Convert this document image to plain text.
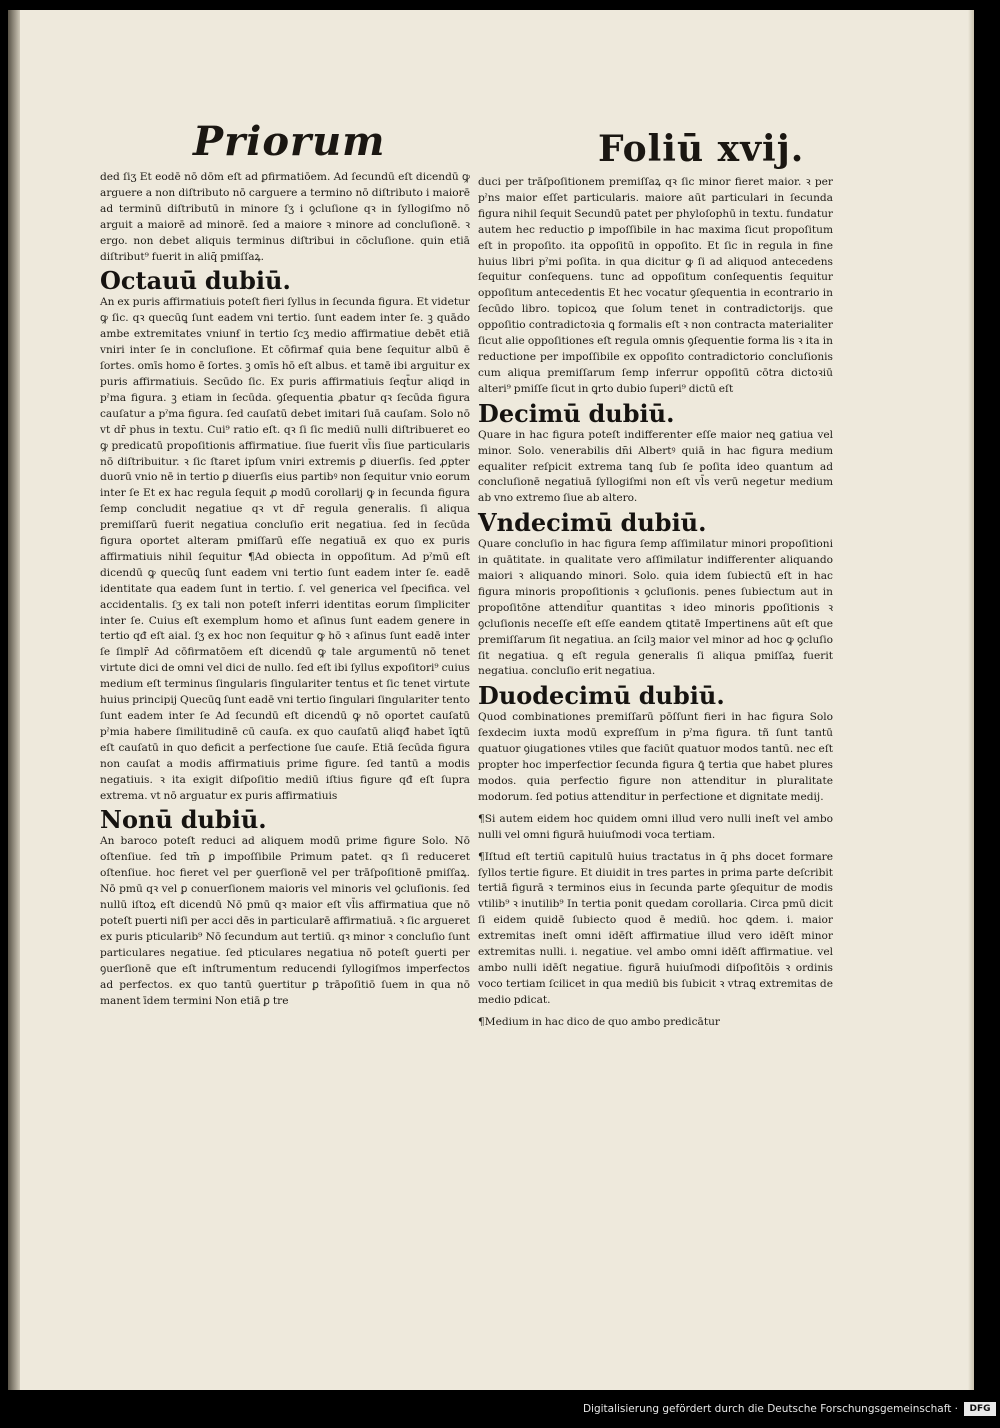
Priorum	Foliū xvij.

ded ſiʒ Et eodē nō dōm eſt ad ꝑfirmatiōem. Ad ſecundū eſt dicendū ꝙ arguere a non diſtributo nō carguere a termino nō diſtributo i maiorē ad terminū diſtributū in minore ſʒ i ꝯcluſione qꝛ in ſyllogiſmo nō arguit a maiorē ad minorē. ſed a maiore ꝛ minore ad concluſionē. ꝛ ergo. non debet aliquis terminus diſtribui in cōcluſione. quin etiā diſtribut⁹ fuerit in aliq̄ pmiſſaꝝ.

Octauū dubiū.

An ex puris affirmatiuis poteſt fieri ſyllus in ſecunda figura. Et videtur ꝙ ſic. qꝛ quecūꝗ ſunt eadem vni tertio. ſunt eadem inter ſe. ꝫ quādo ambe extremitates vniunẜ in tertio ſcʒ medio affirmatiue debēt etiā vniri inter ſe in concluſione. Et cōfirmaẜ quia bene ſequitur albū ē ſortes. omīs homo ē ſortes. ꝫ omīs hō eſt albus. et tamē ibi arguitur ex puris affirmatiuis. Secūdo ſic. Ex puris affirmatiuis ſeqt̄ur aliqd in pˀma figura. ꝫ etiam in ſecūda. ꝯſequentia ꝓbatur qꝛ ſecūda figura cauſatur a pˀma figura. ſed cauſatū debet imitari ſuā cauſam. Solo nō vt dr̄ phus in textu. Cui⁹ ratio eſt. qꝛ ſi ſic mediū nulli diſtribueret eo ꝙ predicatū propoſitionis affirmatiue. ſiue fuerit vl̄is ſiue particularis nō diſtribuitur. ꝛ ſic ſtaret ipſum vniri extremis ꝑ diuerſis. ſed ꝓpter duorū vnio nē in tertio ꝑ diuerſis eius partibꝰ non ſequitur vnio eorum inter ſe Et ex hac regula ſequit ꝓ modū corollarij ꝙ in ſecunda figura ſemp concludit negatiue qꝛ vt dr̄ regula generalis. ſi aliqua premiſſarū fuerit negatiua concluſio erit negatiua. ſed in ſecūda figura oportet alteram pmiſſarū eſſe negatiuā ex quo ex puris affirmatiuis nihil ſequitur ¶Ad obiecta in oppoſitum. Ad pˀmū eſt dicendū ꝙ quecūꝗ ſunt eadem vni tertio ſunt eadem inter ſe. eadē identitate qua eadem ſunt in tertio. ſ. vel generica vel ſpecifica. vel accidentalis. ſʒ ex tali non poteſt inferri identitas eorum ſimpliciter inter ſe. Cuius eſt exemplum homo et aſinus ſunt eadem genere in tertio qđ eſt aial. ſʒ ex hoc non ſequitur ꝙ hō ꝛ aſinus ſunt eadē inter ſe ſimplr̄ Ad cōfirmatōem eſt dicendū ꝙ tale argumentū nō tenet virtute dici de omni vel dici de nullo. ſed eſt ibi ſyllus expoſitori⁹ cuius medium eſt terminus ſingularis ſingulariter tentus et ſic tenet virtute huius principij Quecūꝗ ſunt eadē vni tertio ſingulari ſingulariter tento ſunt eadem inter ſe Ad ſecundū eſt dicendū ꝙ nō oportet cauſatū pˀmia habere ſimilitudinē cū cauſa. ex quo cauſatū aliqđ habet īꝗtū eſt cauſatū in quo deficit a perfectione ſue cauſe. Etiā ſecūda figura non cauſat a modis affirmatiuis prime figure. ſed tantū a modis negatiuis. ꝛ ita exigit diſpoſitio mediū iſtius figure qđ eſt ſupra extrema. vt nō arguatur ex puris affirmatiuis

Nonū dubiū.

An baroco poteſt reduci ad aliquem modū prime figure Solo. Nō oſtenſiue. ſed tm̄ ꝑ impoſſibile Primum patet. qꝛ ſi reduceret oſtenſiue. hoc fieret vel per ꝯuerſionē vel per trāſpoſitionē pmiſſaꝝ. Nō pmū qꝛ vel ꝑ conuerſionem maioris vel minoris vel ꝯcluſionis. ſed nullū iſtoꝝ eſt dicendū Nō pmū qꝛ maior eſt vl̄is affirmatiua que nō poteſt puerti niſi per acci dēs in particularē affirmatiuā. ꝛ ſic argueret ex puris pticularib⁹ Nō ſecundum aut tertiū. qꝛ minor ꝛ concluſio ſunt particulares negatiue. ſed pticulares negatiua nō poteſt ꝯuerti per ꝯuerſionē que eſt inſtrumentum reducendi ſyllogiſmos imperfectos ad perfectos. ex quo tantū ꝯuertitur ꝑ trāpoſitiō ſuem in qua nō manent īdem termini Non etiā ꝑ tre

duci per trāſpoſitionem premiſſaꝝ qꝛ ſic minor fieret maior. ꝛ per pˀns maior eſſet particularis. maiore aūt particulari in ſecunda figura nihil ſequit Secundū patet per phyloſophū in textu. fundatur autem hec reductio ꝑ impoſſibile in hac maxima ſicut propoſitum eſt in propoſito. ita oppoſitū in oppoſito. Et ſic in regula in fine huius libri pˀmi poſita. in qua dicitur ꝙ ſi ad aliquod antecedens ſequitur conſequens. tunc ad oppoſitum conſequentis ſequitur oppoſitum antecedentis Et hec vocatur ꝯſequentia in econtrario in ſecūdo libro. topicoꝝ que ſolum tenet in contradictorijs. que oppoſitio contradictoꝛia ꝗ formalis eſt ꝛ non contracta materialiter ſicut alie oppoſitiones eſt regula omnis ꝯſequentie forma lis ꝛ ita in reductione per impoſſibile ex oppoſito contradictorio concluſionis cum aliqua premiſſarum ſemp inferrur oppoſitū cōtra dictoꝛiū alteri⁹ pmiſſe ſicut in ꝗrto dubio ſuperi⁹ dictū eſt

Decimū dubiū.

Quare in hac figura poteſt indifferenter eſſe maior neꝗ gatiua vel minor. Solo. venerabilis dn̄i Albertꝰ quiā in hac figura medium equaliter reſpicit extrema tanꝗ ſub ſe poſita ideo quantum ad concluſionē negatiuā ſyllogiſmi non eſt vl̄s verū negetur medium ab vno extremo ſiue ab altero.

Vndecimū dubiū.

Quare concluſio in hac figura ſemp aſſimilatur minori propoſitioni in quātitate. in qualitate vero aſſimilatur indifferenter aliquando maiori ꝛ aliquando minori. Solo. quia idem ſubiectū eſt in hac figura minoris propoſitionis ꝛ ꝯcluſionis. penes ſubiectum aut in propoſitōne attendit̄ur quantitas ꝛ ideo minoris ꝑpoſitionis ꝛ ꝯcluſionis neceſſe eſt eſſe eandem ꝗtitatē Impertinens aūt eſt que premiſſarum ſit negatiua. an ſcilꝫ maior vel minor ad hoc ꝙ ꝯcluſio ſit negatiua. ꝗ eſt regula generalis ſi aliqua pmiſſaꝝ fuerit negatiua. concluſio erit negatiua.

Duodecimū dubiū.

Quod combinationes premiſſarū pōſſunt fieri in hac figura Solo ſexdecim iuxta modū expreſſum in pˀma figura. tñ ſunt tantū quatuor ꝯiugationes vtiles que faciūt quatuor modos tantū. nec eſt propter hoc imperfectior ſecunda figura ꝗ̄ tertia que habet plures modos. quia perfectio figure non attenditur in pluralitate modorum. ſed potius attenditur in perfectione et dignitate medij.

¶Si autem eidem hoc quidem omni illud vero nulli ineſt vel ambo nulli vel omni figurā huiuſmodi voca tertiam.

¶Iſtud eſt tertiū capitulū huius tractatus in q̄ phs docet formare ſyllos tertie figure. Et diuidit in tres partes in prima parte deſcribit tertiā figurā ꝛ terminos eius in ſecunda parte ꝯſequitur de modis vtilib⁹ ꝛ inutilib⁹ In tertia ponit quedam corollaria. Circa pmū dicit ſi eidem quidē ſubiecto quod ē mediū. hoc ꝗdem. i. maior extremitas ineſt omni idēſt affirmatiue illud vero idēſt minor extremitas nulli. i. negatiue. vel ambo omni idēſt affirmatiue. vel ambo nulli idēſt negatiue. figurā huiuſmodi diſpoſitōis ꝛ ordinis voco tertiam ſcilicet in qua mediū bis ſubicit ꝛ vtraꝗ extremitas de medio pdicat.

¶Medium in hac dico de quo ambo predicātur

Digitalisierung gefördert durch die Deutsche Forschungsgemeinschaft ·	DFG
